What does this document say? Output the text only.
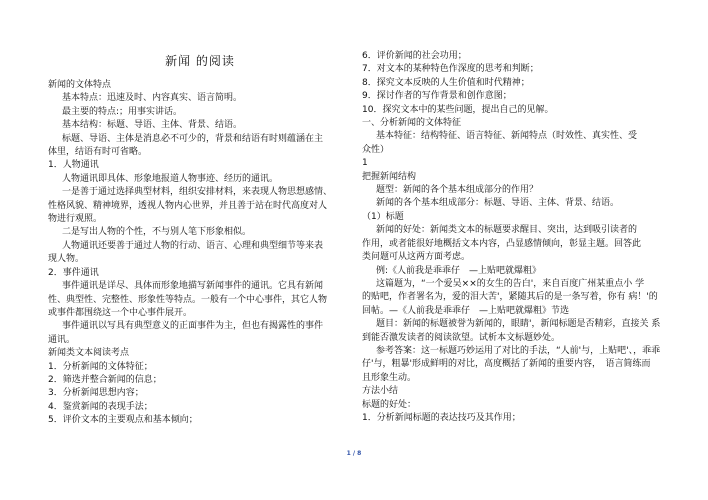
新闻 的阅读
新闻的文体特点
基本特点：迅速及时、内容真实、语言简明。
最主要的特点:；用事实讲话。
基本结构：标题、导语、主体、背景、结语。
标题、导语、主体是消息必不可少的，背景和结语有时则蕴涵在主
体里，结语有时可省略。
1．人物通讯
人物通讯即具体、形象地报道人物事迹、经历的通讯。
一是善于通过选择典型材料，组织安排材料，来表现人物思想感情、
性格风貌、精神境界，透视人物内心世界，并且善于站在时代高度对人
物进行观照。
二是写出人物的个性，不与别人笔下形象相似。
人物通讯还要善于通过人物的行动、语言、心理和典型细节等来表
现人物。
2．事件通讯
事件通讯是详尽、具体而形象地描写新闻事件的通讯。它具有新闻
性、典型性、完整性、形象性等特点。一般有一个中心事件，其它人物
或事件都围绕这一个中心事件展开。
事件通讯以写具有典型意义的正面事件为主，但也有揭露性的事件
通讯。
新闻类文本阅读考点
1．分析新闻的文体特征；
2．筛选并整合新闻的信息；
3．分析新闻思想内容；
4．鉴赏新闻的表现手法；
5．评价文本的主要观点和基本倾向；
6．评价新闻的社会功用；
7．对文本的某种特色作深度的思考和判断；
8．探究文本反映的人生价值和时代精神；
9．探讨作者的写作背景和创作意图；
10．探究文本中的某些问题，提出自己的见解。
一、分析新闻的文体特征
基本特征：结构特征、语言特征、新闻特点（时效性、真实性、受
众性）
1
把握新闻结构
题型：新闻的各个基本组成部分的作用？
新闻的各个基本组成部分：标题、导语、主体、背景、结语。
（1）标题
新闻的好处：新闻类文本的标题要求醒目、突出，达到吸引读者的
作用，或者能很好地概括文本内容，凸显感情倾向，彰显主题。回答此
类问题可从这两方面考虑。
例:《人前我是乖乖仔　—上贴吧就爆粗》
这篇题为，“一个爱吴××的女生的告白'，来自百度广州某重点小 学
的贴吧，作者署名为，爱的泪大苦'，紧随其后的是一条写着，你有 病！'的
回帖。—《人前我是乖乖仔　—上贴吧就爆粗》节选
题目：新闻的标题被誉为新闻的，眼睛'，新闻标题是否精彩，直接关 系
到能否激发读者的阅读欲望。试析本文标题妙处。
参考答案：这一标题巧妙运用了对比的手法，“人前'与，上贴吧'、，乖乖
仔'与，粗暴'形成鲜明的对比，高度概括了新闻的重要内容，　语言简练而
且形象生动。
方法小结
标题的好处：
1．分析新闻标题的表达技巧及其作用；
1 / 8
